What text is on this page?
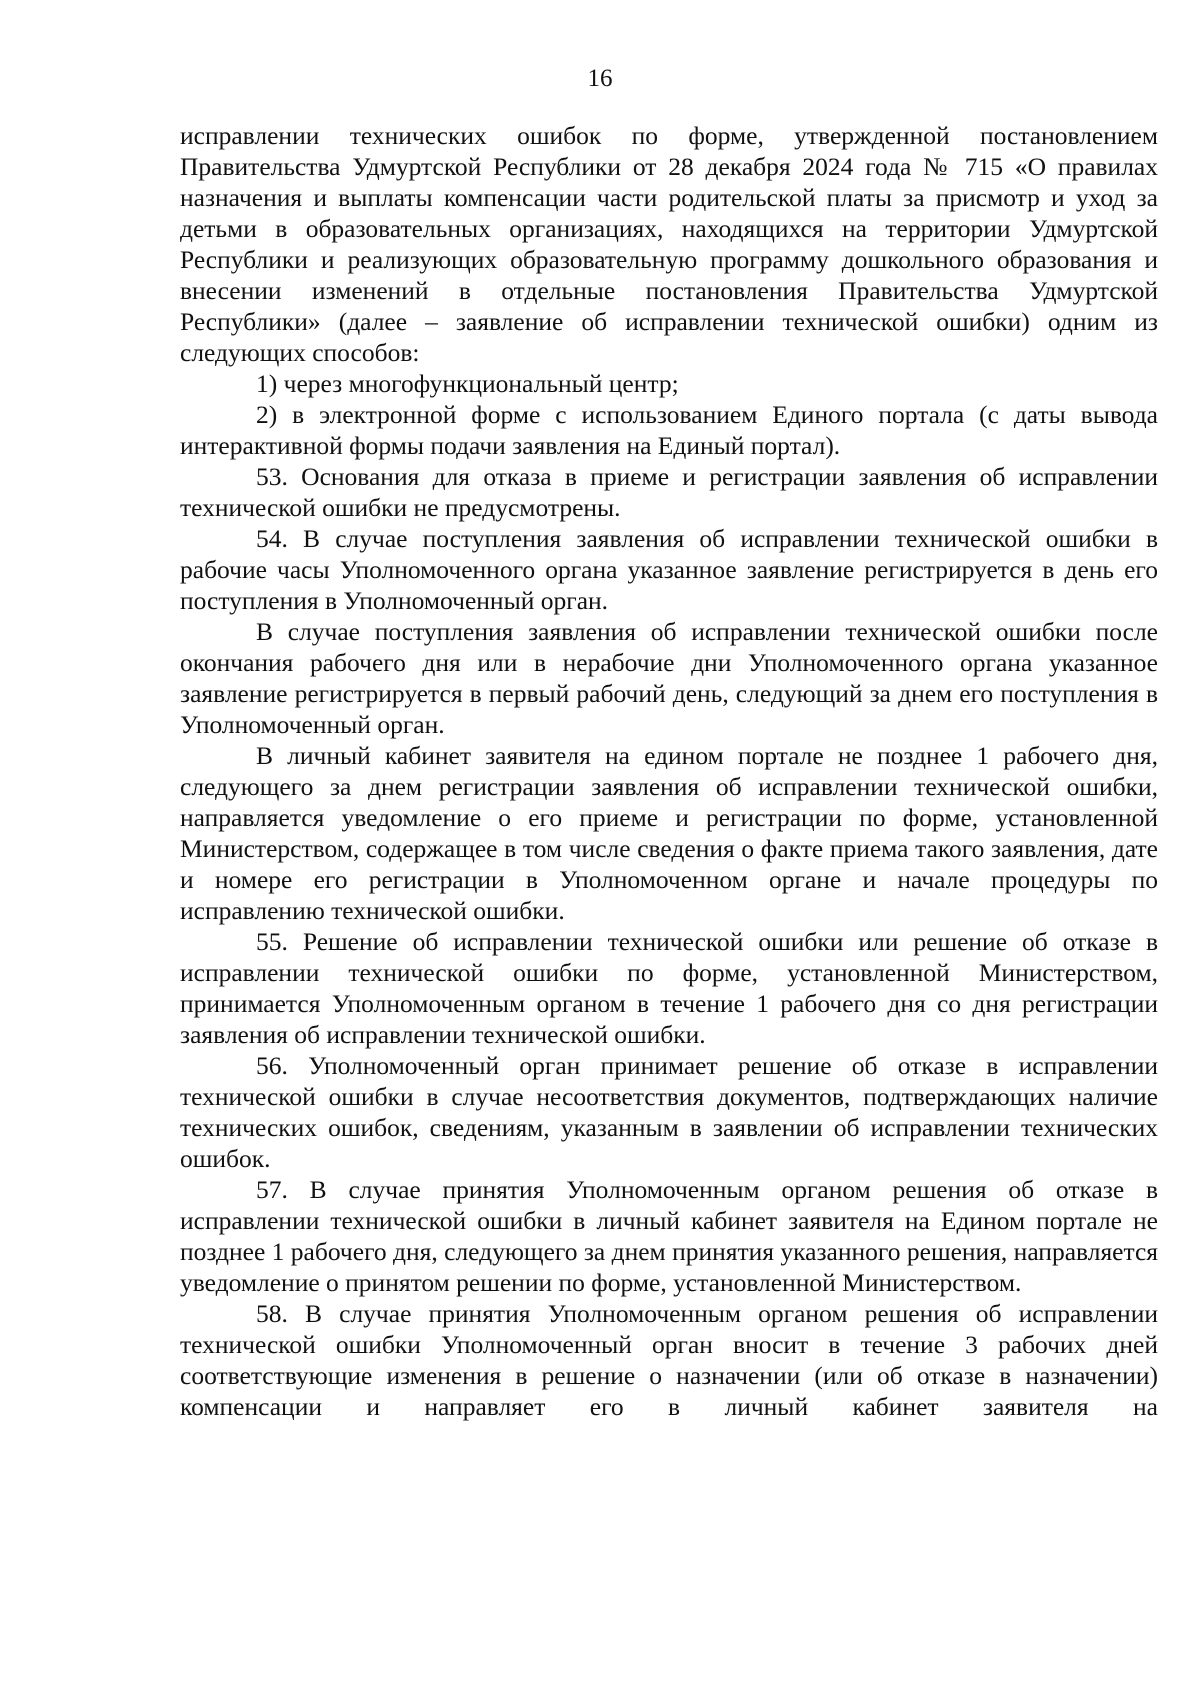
16

исправлении технических ошибок по форме, утвержденной постановлением Правительства Удмуртской Республики от 28 декабря 2024 года № 715 «О правилах назначения и выплаты компенсации части родительской платы за присмотр и уход за детьми в образовательных организациях, находящихся на территории Удмуртской Республики и реализующих образовательную программу дошкольного образования и внесении изменений в отдельные постановления Правительства Удмуртской Республики» (далее – заявление об исправлении технической ошибки) одним из следующих способов:

1) через многофункциональный центр;

2) в электронной форме с использованием Единого портала (с даты вывода интерактивной формы подачи заявления на Единый портал).

53. Основания для отказа в приеме и регистрации заявления об исправлении технической ошибки не предусмотрены.

54. В случае поступления заявления об исправлении технической ошибки в рабочие часы Уполномоченного органа указанное заявление регистрируется в день его поступления в Уполномоченный орган.

В случае поступления заявления об исправлении технической ошибки после окончания рабочего дня или в нерабочие дни Уполномоченного органа указанное заявление регистрируется в первый рабочий день, следующий за днем его поступления в Уполномоченный орган.

В личный кабинет заявителя на едином портале не позднее 1 рабочего дня, следующего за днем регистрации заявления об исправлении технической ошибки, направляется уведомление о его приеме и регистрации по форме, установленной Министерством, содержащее в том числе сведения о факте приема такого заявления, дате и номере его регистрации в Уполномоченном органе и начале процедуры по исправлению технической ошибки.

55. Решение об исправлении технической ошибки или решение об отказе в исправлении технической ошибки по форме, установленной Министерством, принимается Уполномоченным органом в течение 1 рабочего дня со дня регистрации заявления об исправлении технической ошибки.

56. Уполномоченный орган принимает решение об отказе в исправлении технической ошибки в случае несоответствия документов, подтверждающих наличие технических ошибок, сведениям, указанным в заявлении об исправлении технических ошибок.

57. В случае принятия Уполномоченным органом решения об отказе в исправлении технической ошибки в личный кабинет заявителя на Едином портале не позднее 1 рабочего дня, следующего за днем принятия указанного решения, направляется уведомление о принятом решении по форме, установленной Министерством.

58. В случае принятия Уполномоченным органом решения об исправлении технической ошибки Уполномоченный орган вносит в течение 3 рабочих дней соответствующие изменения в решение о назначении (или об отказе в назначении) компенсации и направляет его в личный кабинет заявителя на
